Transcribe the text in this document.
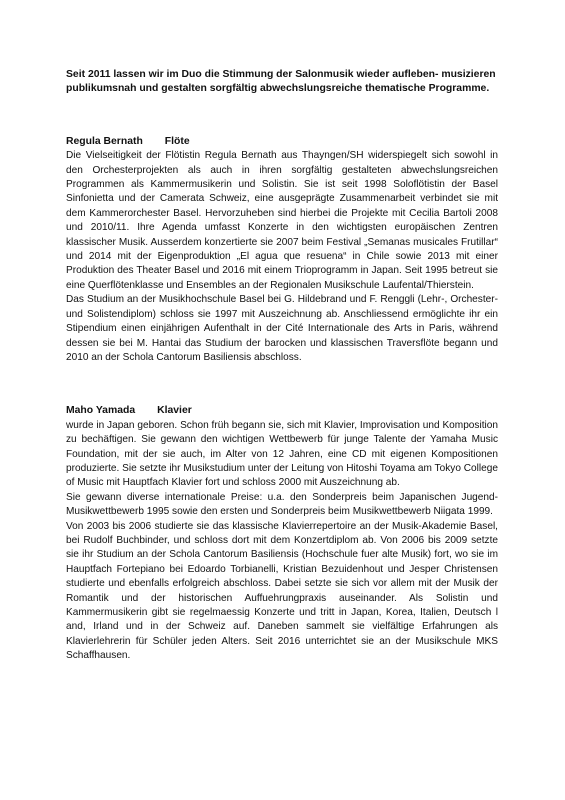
Seit 2011 lassen wir im Duo die Stimmung der Salonmusik wieder aufleben- musizieren publikumsnah und gestalten sorgfältig abwechslungsreiche thematische Programme.

Regula Bernath Flöte

Die Vielseitigkeit der Flötistin Regula Bernath aus Thayngen/SH widerspiegelt sich sowohl in den Orchesterprojekten als auch in ihren sorgfältig gestalteten abwechslungsreichen Programmen als Kammermusikerin und Solistin. Sie ist seit 1998 Soloflötistin der Basel Sinfonietta und der Camerata Schweiz, eine ausgeprägte Zusammenarbeit verbindet sie mit dem Kammerorchester Basel. Hervorzuheben sind hierbei die Projekte mit Cecilia Bartoli 2008 und 2010/11. Ihre Agenda umfasst Konzerte in den wichtigsten europäischen Zentren klassischer Musik. Ausserdem konzertierte sie 2007 beim Festival „Semanas musicales Frutillar“ und 2014 mit der Eigenproduktion „El agua que resuena“ in Chile sowie 2013 mit einer Produktion des Theater Basel und 2016 mit einem Trioprogramm in Japan. Seit 1995 betreut sie eine Querflötenklasse und Ensembles an der Regionalen Musikschule Laufental/Thierstein.

Das Studium an der Musikhochschule Basel bei G. Hildebrand und F. Renggli (Lehr-, Orchester- und Solistendiplom) schloss sie 1997 mit Auszeichnung ab. Anschliessend ermöglichte ihr ein Stipendium einen einjährigen Aufenthalt in der Cité Internationale des Arts in Paris, während dessen sie bei M. Hantai das Studium der barocken und klassischen Traversflöte begann und 2010 an der Schola Cantorum Basiliensis abschloss.

Maho Yamada Klavier

wurde in Japan geboren. Schon früh begann sie, sich mit Klavier, Improvisation und Komposition zu bechäftigen. Sie gewann den wichtigen Wettbewerb für junge Talente der Yamaha Music Foundation, mit der sie auch, im Alter von 12 Jahren, eine CD mit eigenen Kompositionen produzierte. Sie setzte ihr Musikstudium unter der Leitung von Hitoshi Toyama am Tokyo College of Music mit Hauptfach Klavier fort und schloss 2000 mit Auszeichnung ab.

Sie gewann diverse internationale Preise: u.a. den Sonderpreis beim Japanischen Jugend-Musikwettbewerb 1995 sowie den ersten und Sonderpreis beim Musikwettbewerb Niigata 1999.

Von 2003 bis 2006 studierte sie das klassische Klavierrepertoire an der Musik-Akademie Basel, bei Rudolf Buchbinder, und schloss dort mit dem Konzertdiplom ab. Von 2006 bis 2009 setzte sie ihr Studium an der Schola Cantorum Basiliensis (Hochschule fuer alte Musik) fort, wo sie im Hauptfach Fortepiano bei Edoardo Torbianelli, Kristian Bezuidenhout und Jesper Christensen studierte und ebenfalls erfolgreich abschloss. Dabei setzte sie sich vor allem mit der Musik der Romantik und der historischen Auffuehrungpraxis auseinander. Als Solistin und Kammermusikerin gibt sie regelmaessig Konzerte und tritt in Japan, Korea, Italien, Deutsch l and, Irland und in der Schweiz auf. Daneben sammelt sie vielfältige Erfahrungen als Klavierlehrerin für Schüler jeden Alters. Seit 2016 unterrichtet sie an der Musikschule MKS Schaffhausen.
